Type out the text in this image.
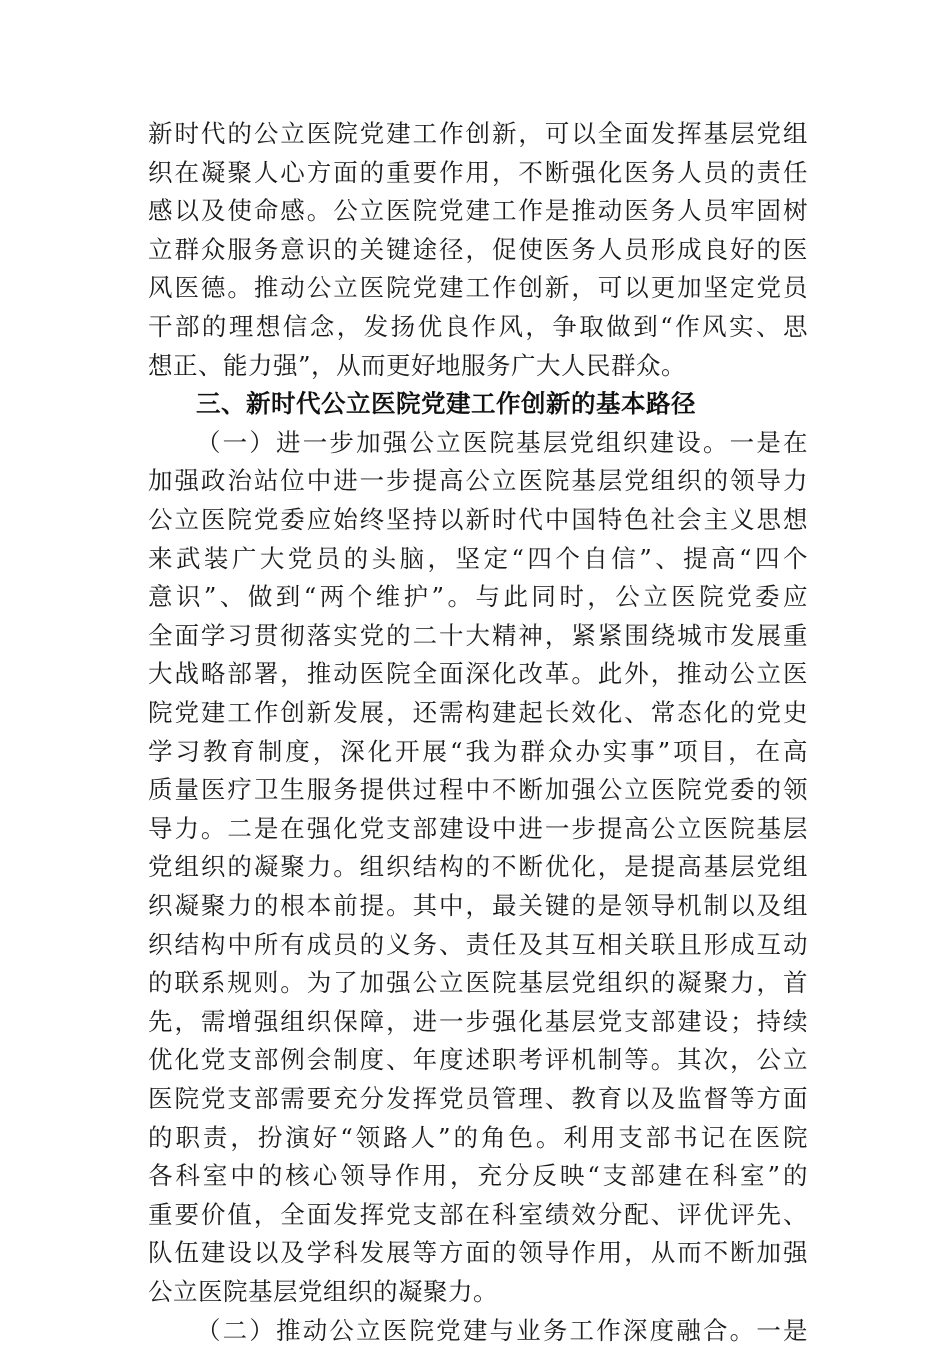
新时代的公立医院党建工作创新，可以全面发挥基层党组
织在凝聚人心方面的重要作用，不断强化医务人员的责任
感以及使命感。公立医院党建工作是推动医务人员牢固树
立群众服务意识的关键途径，促使医务人员形成良好的医
风医德。推动公立医院党建工作创新，可以更加坚定党员
干部的理想信念，发扬优良作风，争取做到“作风实、思
想正、能力强”，从而更好地服务广大人民群众。
三、新时代公立医院党建工作创新的基本路径
（一）进一步加强公立医院基层党组织建设。一是在
加强政治站位中进一步提高公立医院基层党组织的领导力
公立医院党委应始终坚持以新时代中国特色社会主义思想
来武装广大党员的头脑，坚定“四个自信”、提高“四个
意识”、做到“两个维护”。与此同时，公立医院党委应
全面学习贯彻落实党的二十大精神，紧紧围绕城市发展重
大战略部署，推动医院全面深化改革。此外，推动公立医
院党建工作创新发展，还需构建起长效化、常态化的党史
学习教育制度，深化开展“我为群众办实事”项目，在高
质量医疗卫生服务提供过程中不断加强公立医院党委的领
导力。二是在强化党支部建设中进一步提高公立医院基层
党组织的凝聚力。组织结构的不断优化，是提高基层党组
织凝聚力的根本前提。其中，最关键的是领导机制以及组
织结构中所有成员的义务、责任及其互相关联且形成互动
的联系规则。为了加强公立医院基层党组织的凝聚力，首
先，需增强组织保障，进一步强化基层党支部建设；持续
优化党支部例会制度、年度述职考评机制等。其次，公立
医院党支部需要充分发挥党员管理、教育以及监督等方面
的职责，扮演好“领路人”的角色。利用支部书记在医院
各科室中的核心领导作用，充分反映“支部建在科室”的
重要价值，全面发挥党支部在科室绩效分配、评优评先、
队伍建设以及学科发展等方面的领导作用，从而不断加强
公立医院基层党组织的凝聚力。
（二）推动公立医院党建与业务工作深度融合。一是
